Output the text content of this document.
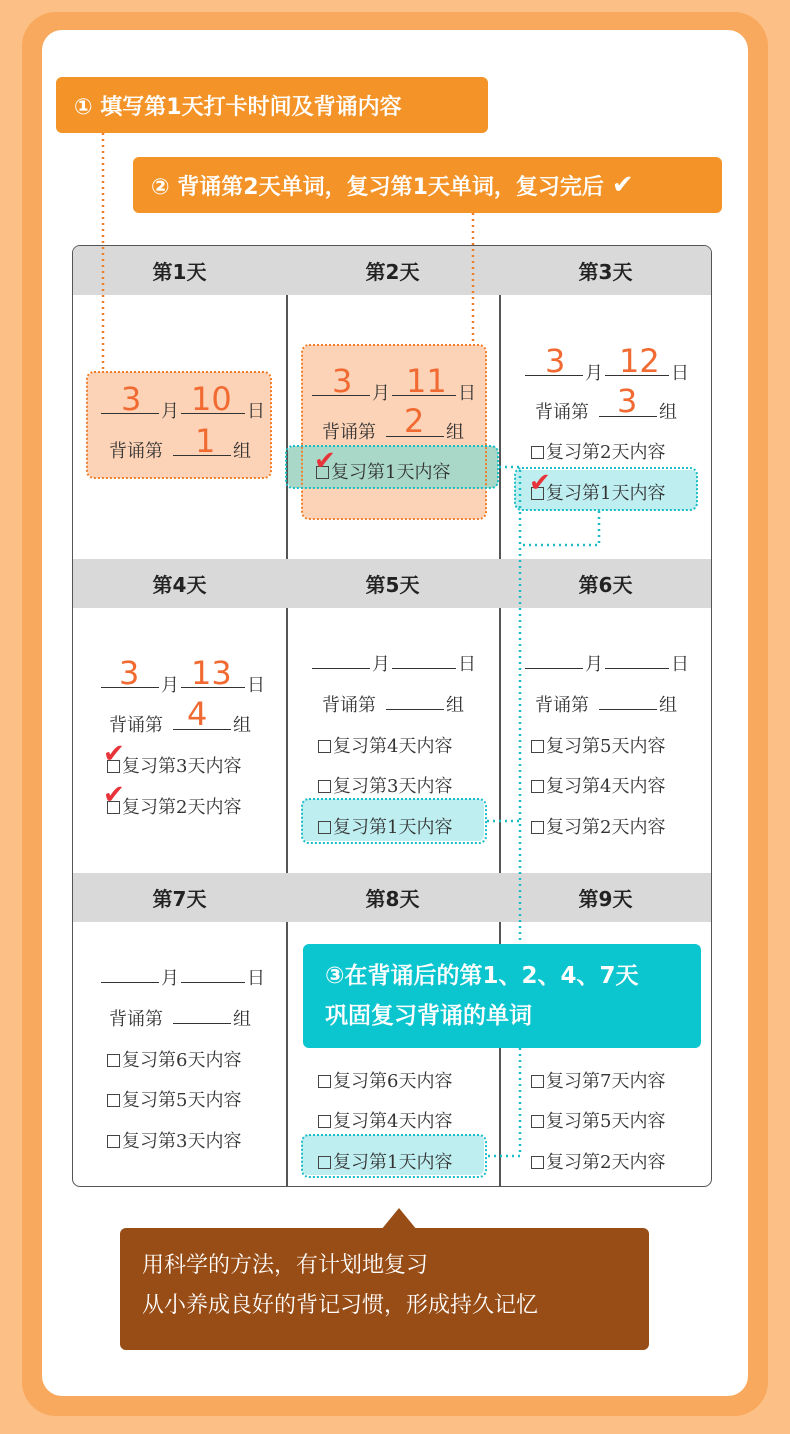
第1天
3 月 10 日
背诵第 1 组
第2天
3 月 11 日
背诵第 2 组
复习第1天内容
✔
第3天
3 月 12 日
背诵第 3 组
复习第2天内容
复习第1天内容
✔
第4天
3 月 13 日
背诵第 4 组
复习第3天内容
复习第2天内容
✔
✔
第5天
月	日
背诵第	组
复习第4天内容
复习第3天内容
复习第1天内容
第6天
月	日
背诵第	组
复习第5天内容
复习第4天内容
复习第2天内容
第7天
月	日
背诵第	组
复习第6天内容
复习第5天内容
复习第3天内容
第8天
复习第6天内容
复习第4天内容
复习第1天内容
第9天
复习第7天内容
复习第5天内容
复习第2天内容
① 填写第1天打卡时间及背诵内容
② 背诵第2天单词，复习第1天单词，复习完后 ✔
③在背诵后的第1、2、4、7天
巩固复习背诵的单词
用科学的方法，有计划地复习
从小养成良好的背记习惯，形成持久记忆
